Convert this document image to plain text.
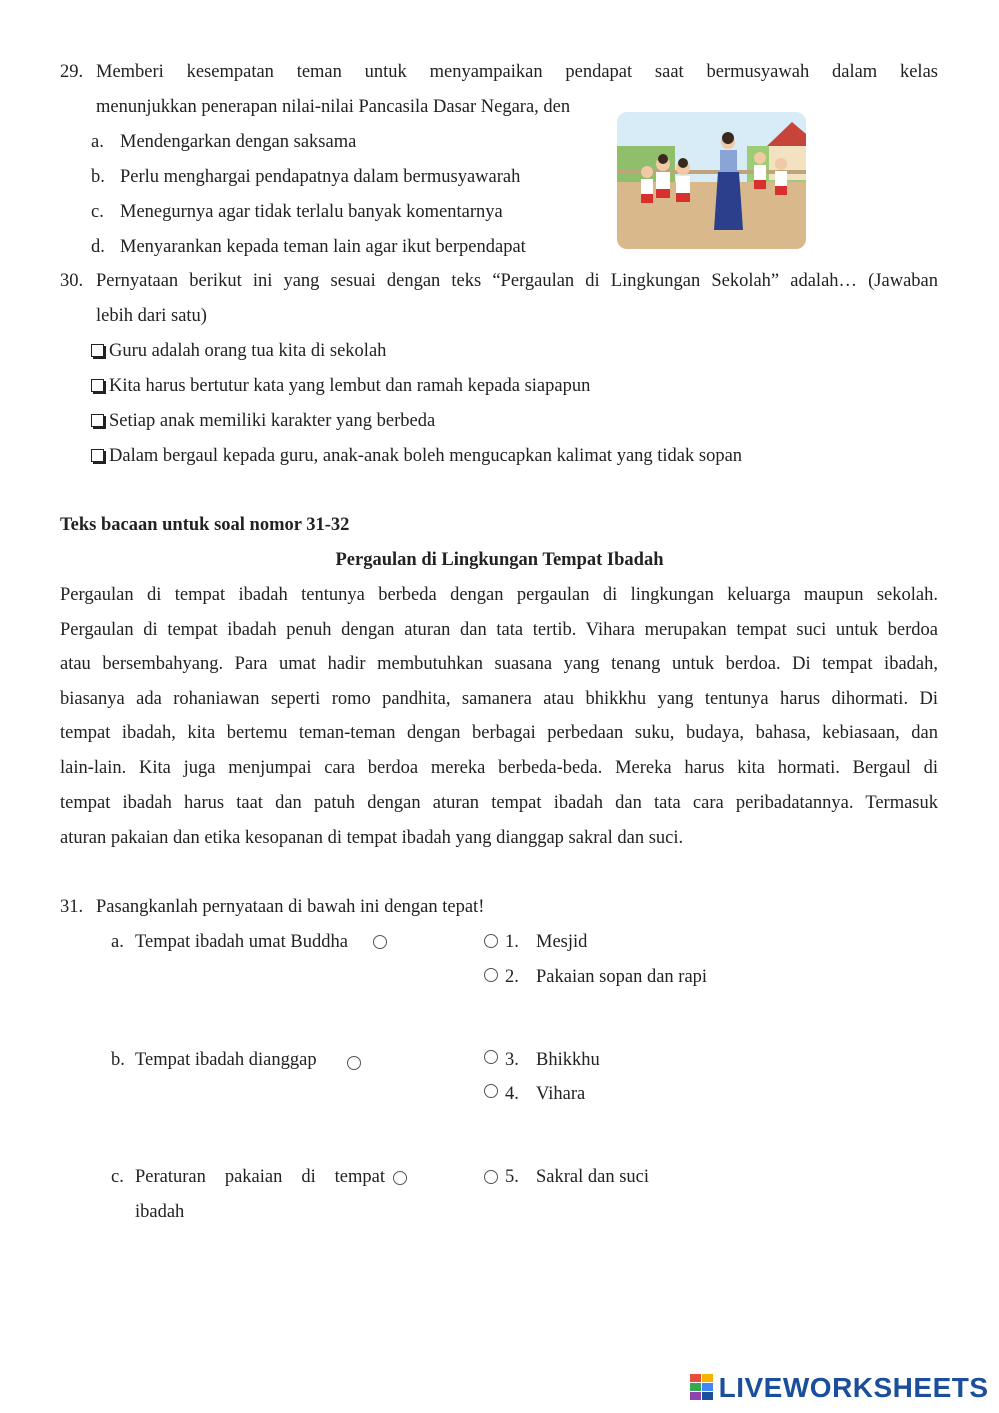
29. Memberi kesempatan teman untuk menyampaikan pendapat saat bermusyawah dalam kelas
menunjukkan penerapan nilai-nilai Pancasila Dasar Negara, den
a. Mendengarkan dengan saksama
b. Perlu menghargai pendapatnya dalam bermusyawarah
c. Menegurnya agar tidak terlalu banyak komentarnya
d. Menyarankan kepada teman lain agar ikut berpendapat
30. Pernyataan berikut ini yang sesuai dengan teks “Pergaulan di Lingkungan Sekolah” adalah… (Jawaban
lebih dari satu)
Guru adalah orang tua kita di sekolah
Kita harus bertutur kata yang lembut dan ramah kepada siapapun
Setiap anak memiliki karakter yang berbeda
Dalam bergaul kepada guru, anak-anak boleh mengucapkan kalimat yang tidak sopan
Teks bacaan untuk soal nomor 31-32
Pergaulan di Lingkungan Tempat Ibadah
Pergaulan di tempat ibadah tentunya berbeda dengan pergaulan di lingkungan keluarga maupun sekolah.
Pergaulan di tempat ibadah penuh dengan aturan dan tata tertib. Vihara merupakan tempat suci untuk berdoa
atau bersembahyang. Para umat hadir membutuhkan suasana yang tenang untuk berdoa. Di tempat ibadah,
biasanya ada rohaniawan seperti romo pandhita, samanera atau bhikkhu yang tentunya harus dihormati. Di
tempat ibadah, kita bertemu teman-teman dengan berbagai perbedaan suku, budaya, bahasa, kebiasaan, dan
lain-lain. Kita juga menjumpai cara berdoa mereka berbeda-beda. Mereka harus kita hormati. Bergaul di
tempat ibadah harus taat dan patuh dengan aturan tempat ibadah dan tata cara peribadatannya. Termasuk
aturan pakaian dan etika kesopanan di tempat ibadah yang dianggap sakral dan suci.
31. Pasangkanlah pernyataan di bawah ini dengan tepat!
a. Tempat ibadah umat Buddha
b. Tempat ibadah dianggap
c. Peraturan pakaian di tempat
ibadah
1. Mesjid
2. Pakaian sopan dan rapi
3. Bhikkhu
4. Vihara
5. Sakral dan suci
LIVEWORKSHEETS
